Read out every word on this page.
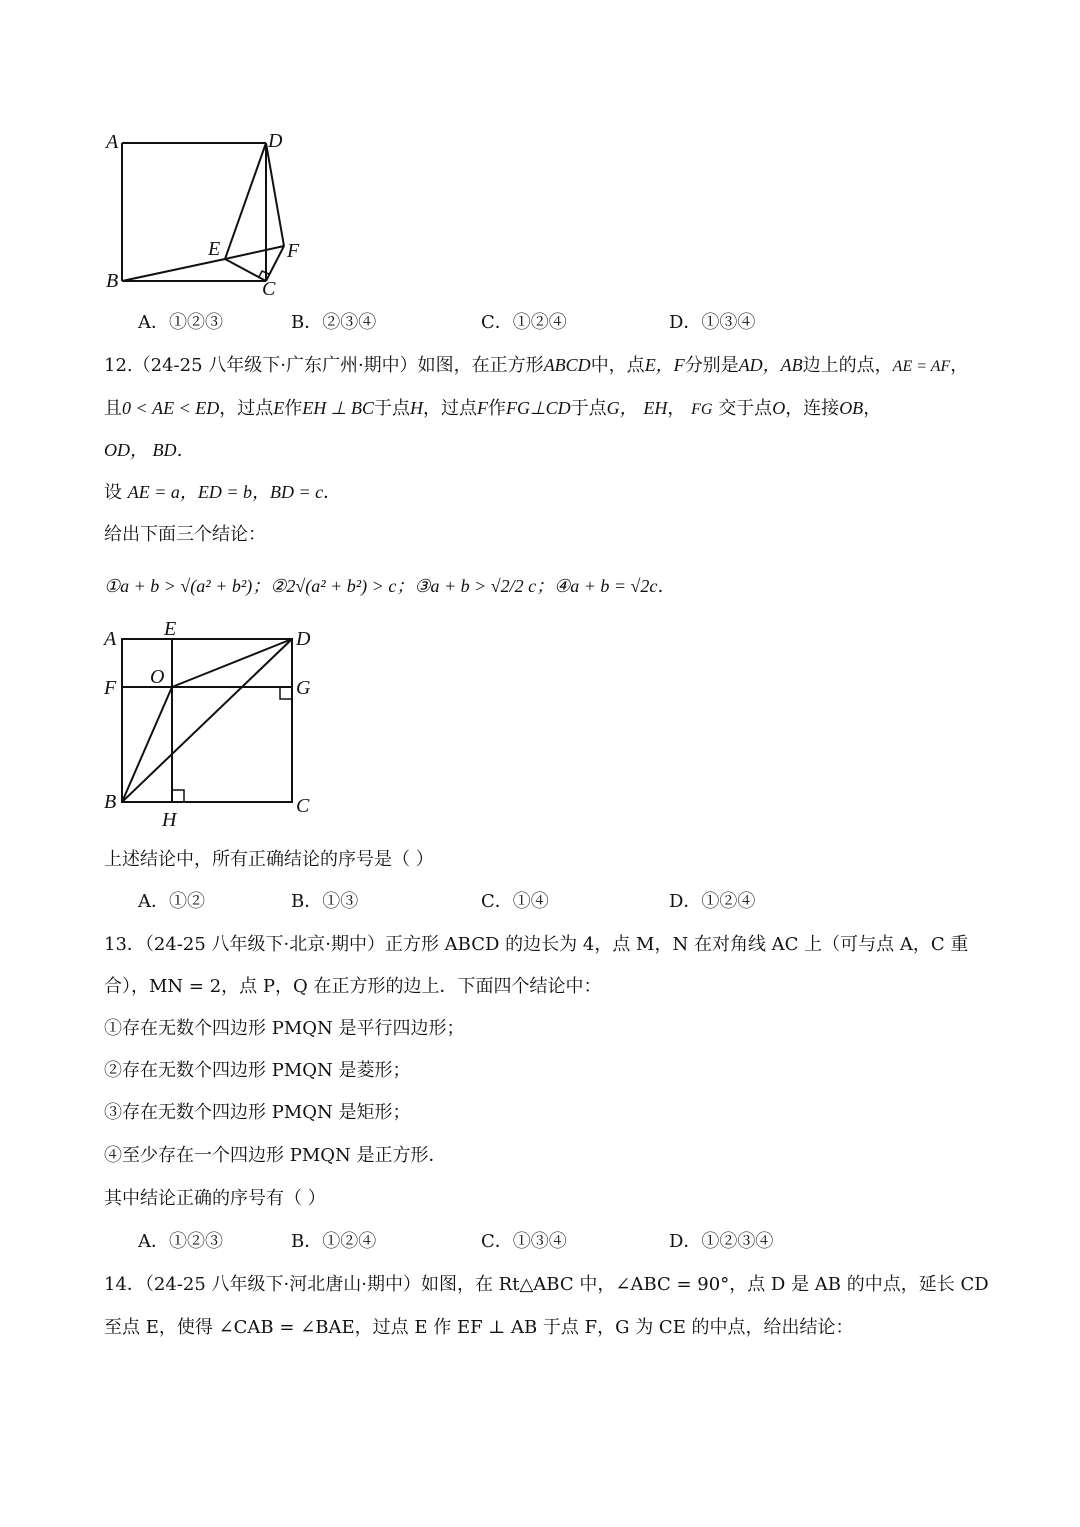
A	D
E	F
B	C
A．①②③	B．②③④	C．①②④	D．①③④
12.（24-25 八年级下·广东广州·期中）如图，在正方形ABCD中，点E，F分别是AD，AB边上的点，AE = AF，
且0 < AE < ED，过点E作EH ⊥ BC于点H，过点F作FG⊥CD于点G， EH， FG 交于点O，连接OB，
OD， BD．
设 AE = a，ED = b，BD = c．
给出下面三个结论：
①a + b > √(a² + b²)；②2√(a² + b²) > c；③a + b > √2/2 c；④a + b = √2c．
A E	D
F O	G
B
H
C
上述结论中，所有正确结论的序号是（ ）
A．①②	B．①③	C．①④	D．①②④
13．（24-25 八年级下·北京·期中）正方形 ABCD 的边长为 4，点 M，N 在对角线 AC 上（可与点 A，C 重
合），MN = 2，点 P，Q 在正方形的边上．下面四个结论中：
①存在无数个四边形 PMQN 是平行四边形；
②存在无数个四边形 PMQN 是菱形；
③存在无数个四边形 PMQN 是矩形；
④至少存在一个四边形 PMQN 是正方形．
其中结论正确的序号有（ ）
A．①②③	B．①②④	C．①③④	D．①②③④
14．（24-25 八年级下·河北唐山·期中）如图，在 Rt△ABC 中，∠ABC = 90°，点 D 是 AB 的中点，延长 CD
至点 E，使得 ∠CAB = ∠BAE，过点 E 作 EF ⊥ AB 于点 F，G 为 CE 的中点，给出结论：
